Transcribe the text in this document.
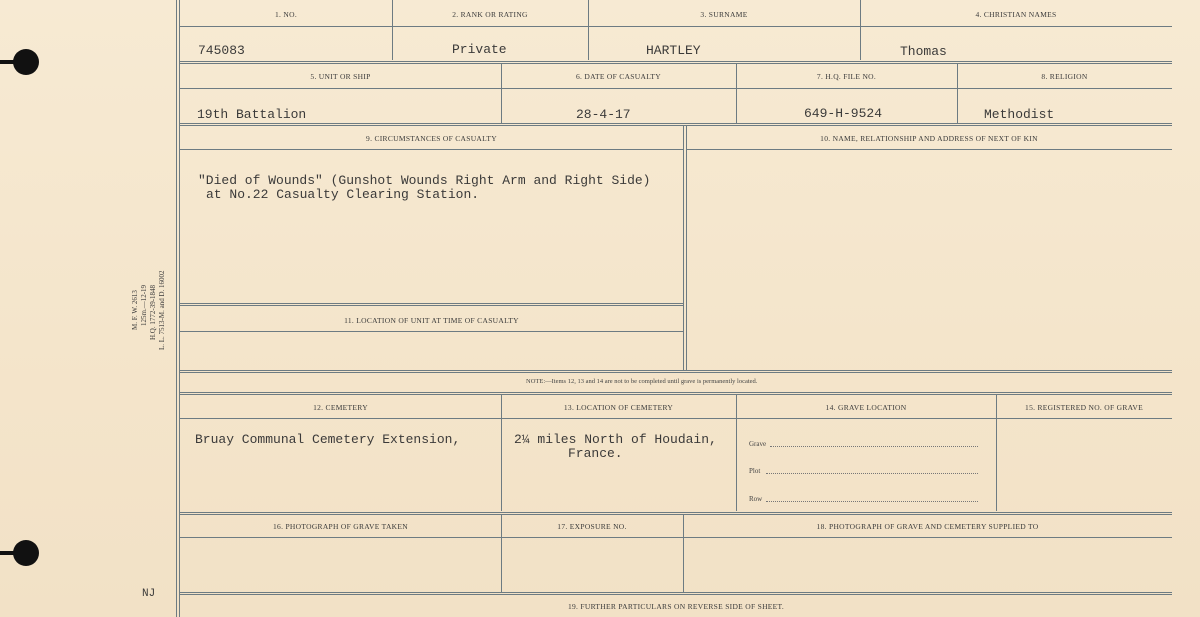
M. F. W. 2613 125m.—12-19 H.Q. 1772-39-1848 L. L. 7513-M. and D. 16002
NJ
1. NO.	2. RANK OR RATING	3. SURNAME	4. CHRISTIAN NAMES
745083	Private	HARTLEY	Thomas
5. UNIT OR SHIP	6. DATE OF CASUALTY	7. H.Q. FILE NO.	8. RELIGION
19th Battalion	28-4-17	649-H-9524	Methodist
9. CIRCUMSTANCES OF CASUALTY	10. NAME, RELATIONSHIP AND ADDRESS OF NEXT OF KIN
"Died of Wounds" (Gunshot Wounds Right Arm and Right Side)
at No.22 Casualty Clearing Station.
11. LOCATION OF UNIT AT TIME OF CASUALTY
NOTE:—Items 12, 13 and 14 are not to be completed until grave is permanently located.
12. CEMETERY	13. LOCATION OF CEMETERY	14. GRAVE LOCATION	15. REGISTERED NO. OF GRAVE
Bruay Communal Cemetery Extension,	2¼ miles North of Houdain,
France.
Grave
Plot
Row
16. PHOTOGRAPH OF GRAVE TAKEN	17. EXPOSURE NO.	18. PHOTOGRAPH OF GRAVE AND CEMETERY SUPPLIED TO
19. FURTHER PARTICULARS ON REVERSE SIDE OF SHEET.
